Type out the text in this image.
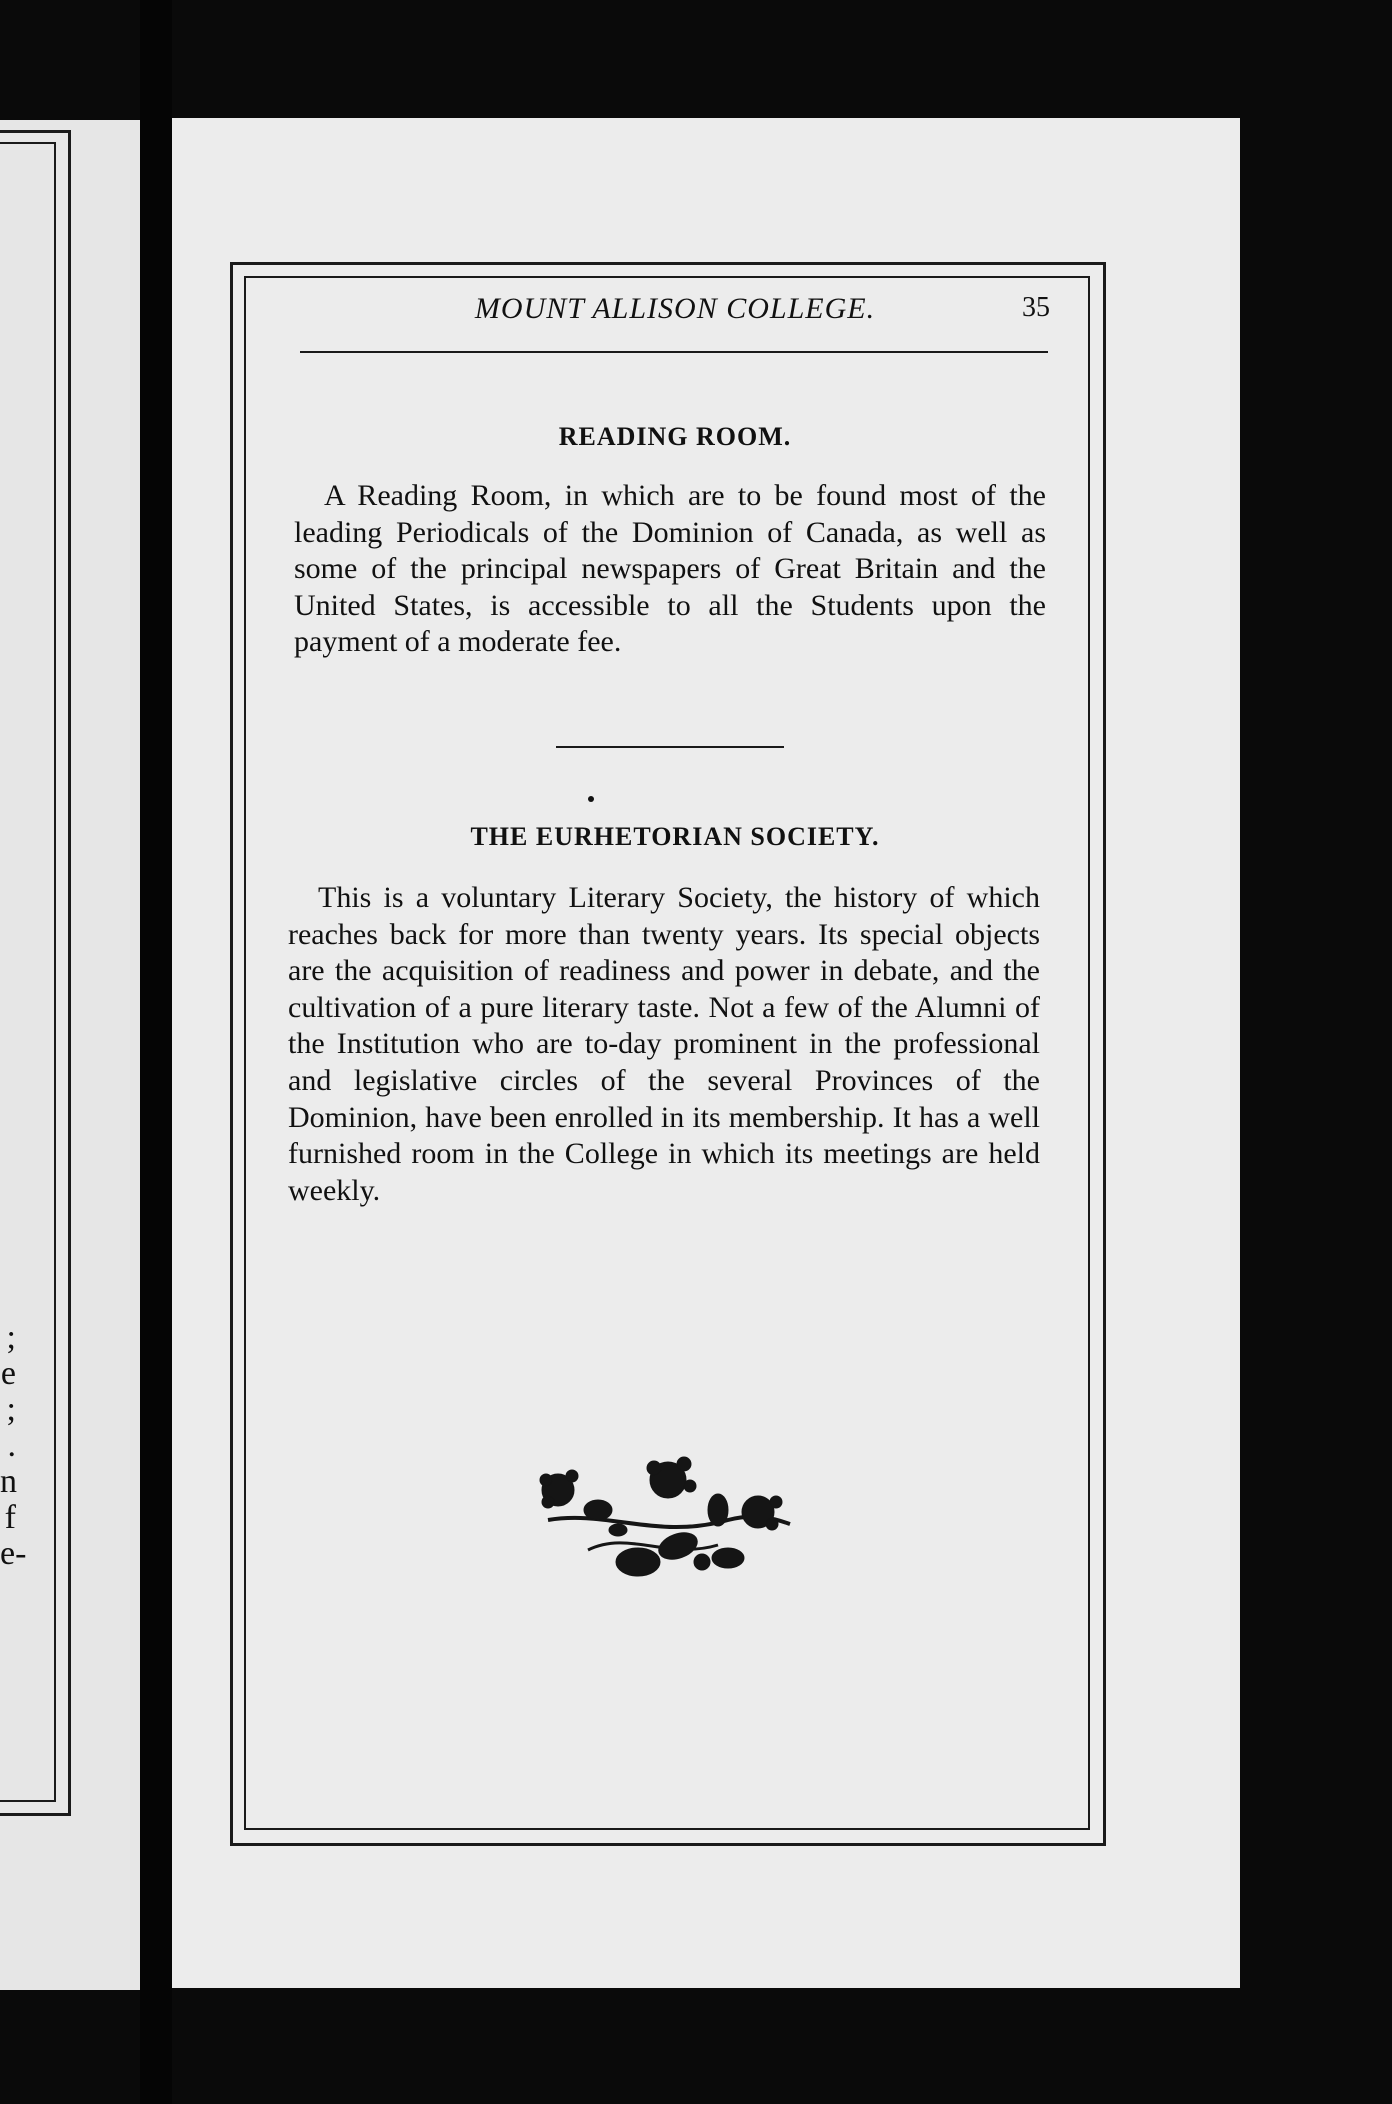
;
e
;
.
n
f
e-
MOUNT ALLISON COLLEGE.	35
READING ROOM.
A Reading Room, in which are to be found most of the leading Periodicals of the Dominion of Canada, as well as some of the principal newspapers of Great Britain and the United States, is accessible to all the Students upon the payment of a moderate fee.
THE EURHETORIAN SOCIETY.
This is a voluntary Literary Society, the history of which reaches back for more than twenty years. Its special objects are the acquisition of readiness and power in debate, and the cultivation of a pure literary taste. Not a few of the Alumni of the Institution who are to-day prominent in the professional and legislative circles of the several Provinces of the Dominion, have been enrolled in its membership. It has a well furnished room in the College in which its meetings are held weekly.
